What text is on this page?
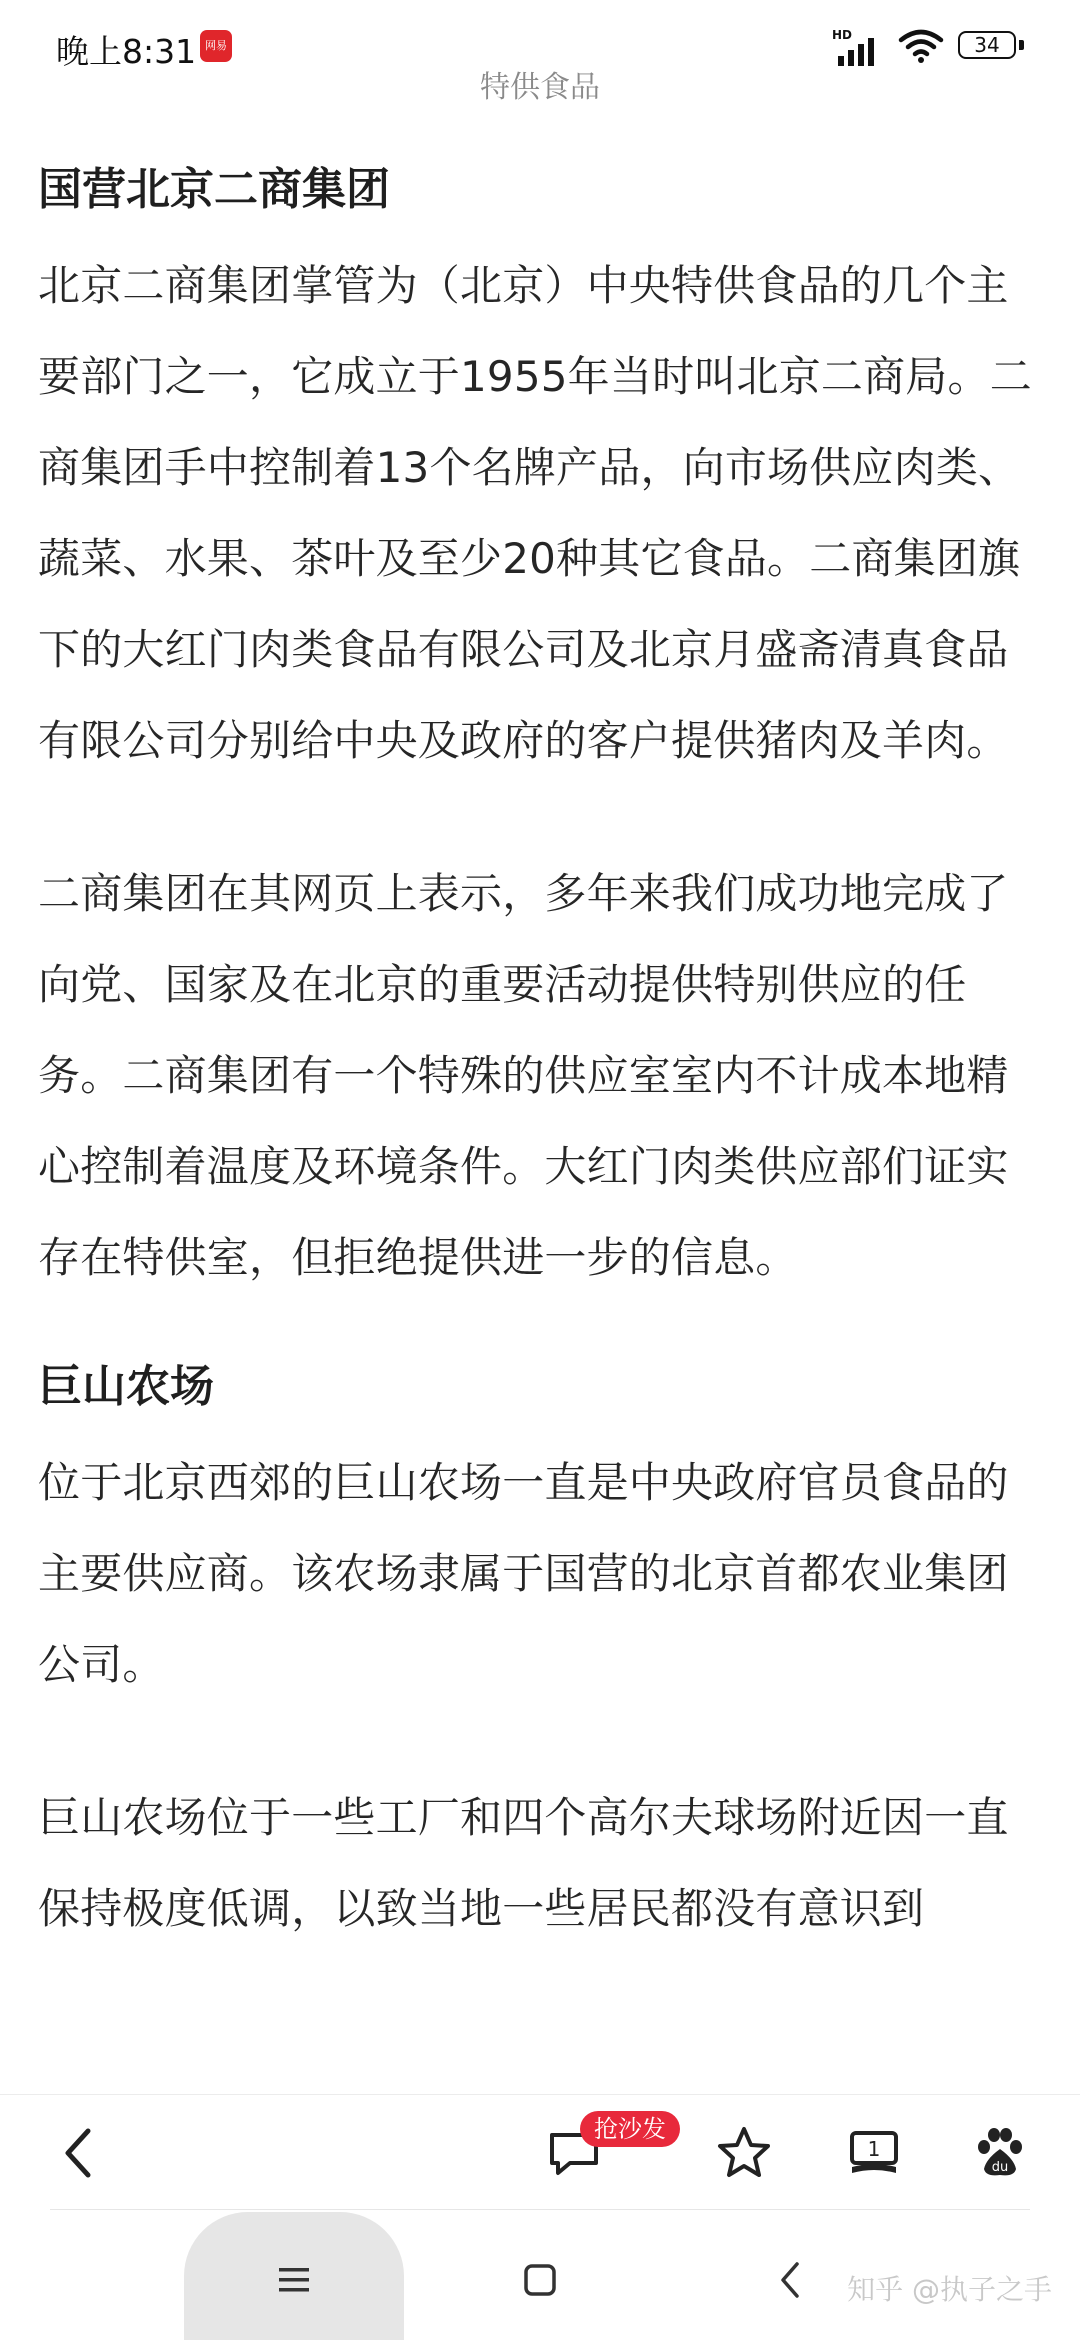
晚上8:31 网易
HD	34
特供食品
国营北京二商集团

北京二商集团掌管为（北京）中央特供食品的几个主要部门之一，它成立于1955年当时叫北京二商局。二商集团手中控制着13个名牌产品，向市场供应肉类、蔬菜、水果、茶叶及至少20种其它食品。二商集团旗下的大红门肉类食品有限公司及北京月盛斋清真食品有限公司分别给中央及政府的客户提供猪肉及羊肉。

二商集团在其网页上表示，多年来我们成功地完成了向党、国家及在北京的重要活动提供特别供应的任务。二商集团有一个特殊的供应室室内不计成本地精心控制着温度及环境条件。大红门肉类供应部们证实存在特供室，但拒绝提供进一步的信息。

巨山农场

位于北京西郊的巨山农场一直是中央政府官员食品的主要供应商。该农场隶属于国营的北京首都农业集团公司。

巨山农场位于一些工厂和四个高尔夫球场附近因一直保持极度低调，以致当地一些居民都没有意识到

抢沙发
1
du
知乎 @执子之手
